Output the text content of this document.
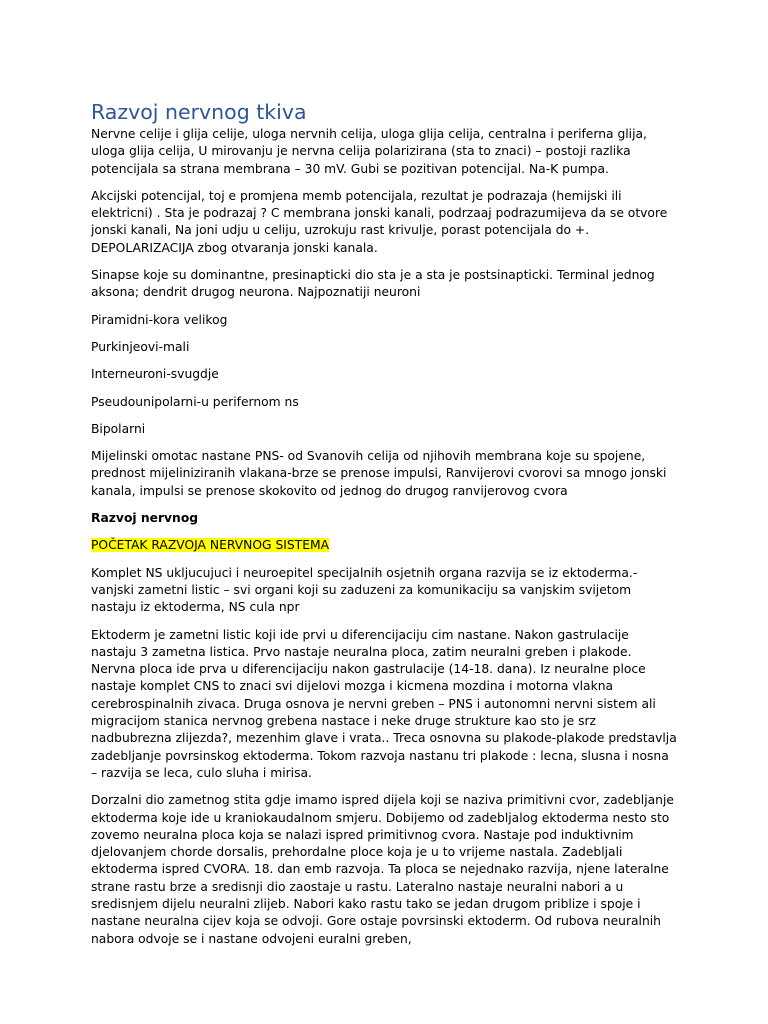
Razvoj nervnog tkiva

Nervne celije i glija celije, uloga nervnih celija, uloga glija celija, centralna i periferna glija, uloga glija celija, U mirovanju je nervna celija polarizirana (sta to znaci) – postoji razlika potencijala sa strana membrana – 30 mV. Gubi se pozitivan potencijal. Na-K pumpa.

Akcijski potencijal, toj e promjena memb potencijala, rezultat je podrazaja (hemijski ili elektricni) . Sta je podrazaj ? C membrana jonski kanali, podrzaaj podrazumijeva da se otvore jonski kanali, Na joni udju u celiju, uzrokuju rast krivulje, porast potencijala do +. DEPOLARIZACIJA zbog otvaranja jonski kanala.

Sinapse koje su dominantne, presinapticki dio sta je a sta je postsinapticki. Terminal jednog aksona; dendrit drugog neurona. Najpoznatiji neuroni

Piramidni-kora velikog

Purkinjeovi-mali

Interneuroni-svugdje

Pseudounipolarni-u perifernom ns

Bipolarni

Mijelinski omotac nastane PNS- od Svanovih celija od njihovih membrana koje su spojene, prednost mijeliniziranih vlakana-brze se prenose impulsi, Ranvijerovi cvorovi sa mnogo jonski kanala, impulsi se prenose skokovito od jednog do drugog ranvijerovog cvora

Razvoj nervnog

POČETAK RAZVOJA NERVNOG SISTEMA

Komplet NS ukljucujuci i neuroepitel specijalnih osjetnih organa razvija se iz ektoderma.-vanjski zametni listic – svi organi koji su zaduzeni za komunikaciju sa vanjskim svijetom nastaju iz ektoderma, NS cula npr

Ektoderm je zametni listic koji ide prvi u diferencijaciju cim nastane. Nakon gastrulacije nastaju 3 zametna listica. Prvo nastaje neuralna ploca, zatim neuralni greben i plakode. Nervna ploca ide prva u diferencijaciju nakon gastrulacije (14-18. dana). Iz neuralne ploce nastaje komplet CNS to znaci svi dijelovi mozga i kicmena mozdina i motorna vlakna cerebrospinalnih zivaca. Druga osnova je nervni greben – PNS i autonomni nervni sistem ali migracijom stanica nervnog grebena nastace i neke druge strukture kao sto je srz nadbubrezna zlijezda?, mezenhim glave i vrata.. Treca osnovna su plakode-plakode predstavlja zadebljanje povrsinskog ektoderma. Tokom razvoja nastanu tri plakode : lecna, slusna i nosna – razvija se leca, culo sluha i mirisa.

Dorzalni dio zametnog stita gdje imamo ispred dijela koji se naziva primitivni cvor, zadebljanje ektoderma koje ide u kraniokaudalnom smjeru. Dobijemo od zadebljalog ektoderma nesto sto zovemo neuralna ploca koja se nalazi ispred primitivnog cvora. Nastaje pod induktivnim djelovanjem chorde dorsalis, prehordalne ploce koja je u to vrijeme nastala. Zadebljali ektoderma ispred CVORA. 18. dan emb razvoja. Ta ploca se nejednako razvija, njene lateralne strane rastu brze a sredisnji dio zaostaje u rastu. Lateralno nastaje neuralni nabori a u sredisnjem dijelu neuralni zlijeb. Nabori kako rastu tako se jedan drugom priblize i spoje i nastane neuralna cijev koja se odvoji. Gore ostaje povrsinski ektoderm. Od rubova neuralnih nabora odvoje se i nastane odvojeni euralni greben,
